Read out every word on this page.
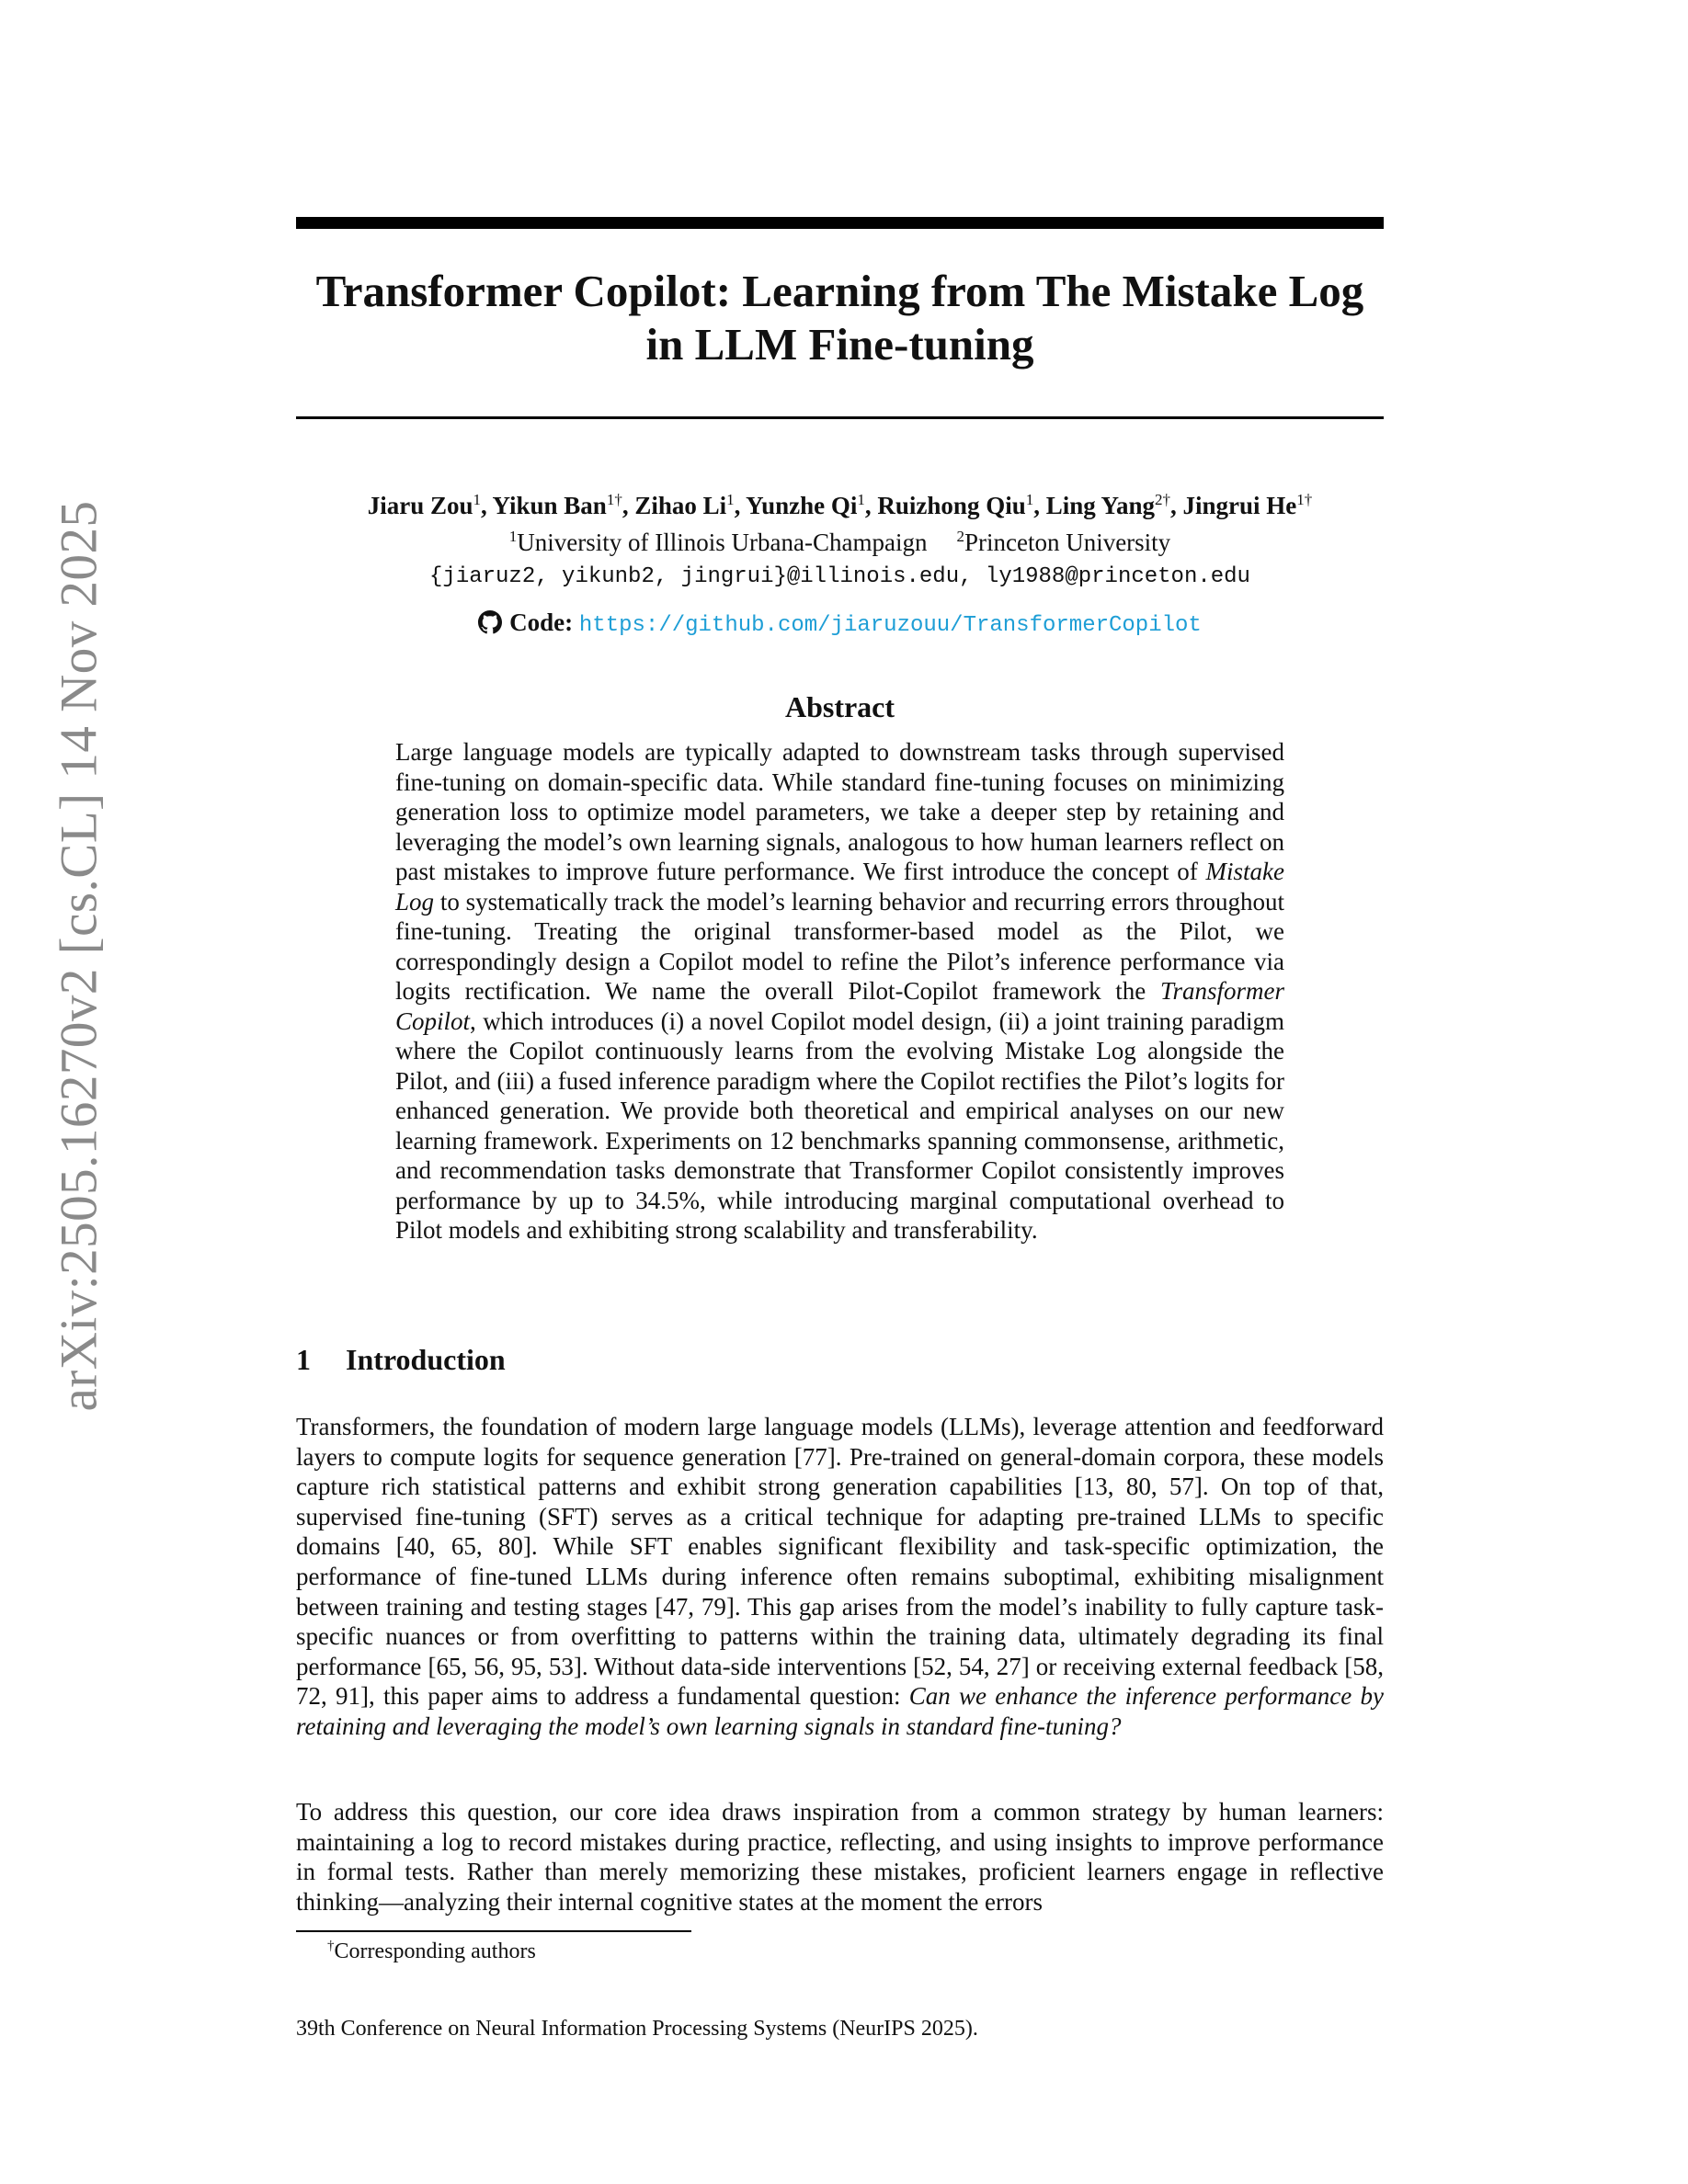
arXiv:2505.16270v2 [cs.CL] 14 Nov 2025
Transformer Copilot: Learning from The Mistake Log
in LLM Fine-tuning
Jiaru Zou$^1$, Yikun Ban$^{1\dagger}$, Zihao Li$^1$, Yunzhe Qi$^1$, Ruizhong Qiu$^1$, Ling Yang$^{2\dagger}$, Jingrui $He^{1\dagger}$
$^1$University of Illinois Urbana-Champaign $^2$Princeton University
{jiaruz2, yikunb2, jingrui}@illinois.edu, ly1988@princeton.edu
Code: https://github.com/jiaruzouu/TransformerCopilot
Abstract

Large language models are typically adapted to downstream tasks through supervised fine-tuning on domain-specific data. While standard fine-tuning focuses on minimizing generation loss to optimize model parameters, we take a deeper step by retaining and leveraging the model’s own learning signals, analogous to how human learners reflect on past mistakes to improve future performance. We first introduce the concept of Mistake Log to systematically track the model’s learning behavior and recurring errors throughout fine-tuning. Treating the original transformer-based model as the Pilot, we correspondingly design a Copilot model to refine the Pilot’s inference performance via logits rectification. We name the overall Pilot-Copilot framework the Transformer Copilot, which introduces (i) a novel Copilot model design, (ii) a joint training paradigm where the Copilot continuously learns from the evolving Mistake Log alongside the Pilot, and (iii) a fused inference paradigm where the Copilot rectifies the Pilot’s logits for enhanced generation. We provide both theoretical and empirical analyses on our new learning framework. Experiments on 12 benchmarks spanning commonsense, arithmetic, and recommendation tasks demonstrate that Transformer Copilot consistently improves performance by up to 34.5%, while introducing marginal computational overhead to Pilot models and exhibiting strong scalability and transferability.

1 Introduction

Transformers, the foundation of modern large language models (LLMs), leverage attention and feedforward layers to compute logits for sequence generation [77]. Pre-trained on general-domain corpora, these models capture rich statistical patterns and exhibit strong generation capabilities [13, 80, 57]. On top of that, supervised fine-tuning (SFT) serves as a critical technique for adapting pre-trained LLMs to specific domains [40, 65, 80]. While SFT enables significant flexibility and task-specific optimization, the performance of fine-tuned LLMs during inference often remains suboptimal, exhibiting misalignment between training and testing stages [47, 79]. This gap arises from the model’s inability to fully capture task-specific nuances or from overfitting to patterns within the training data, ultimately degrading its final performance [65, 56, 95, 53]. Without data-side interventions [52, 54, 27] or receiving external feedback [58, 72, 91], this paper aims to address a fundamental question: Can we enhance the inference performance by retaining and leveraging the model’s own learning signals in standard fine-tuning?

To address this question, our core idea draws inspiration from a common strategy by human learners: maintaining a log to record mistakes during practice, reflecting, and using insights to improve performance in formal tests. Rather than merely memorizing these mistakes, proficient learners engage in reflective thinking—analyzing their internal cognitive states at the moment the errors

†Corresponding authors
39th Conference on Neural Information Processing Systems (NeurIPS 2025).
